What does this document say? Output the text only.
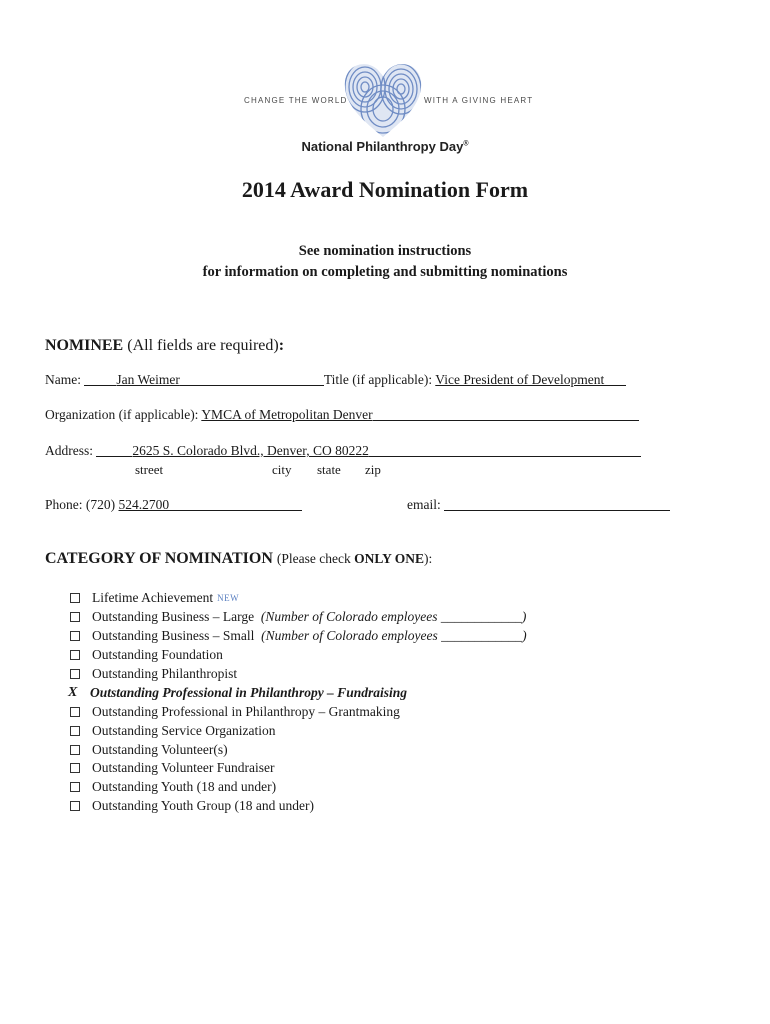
CHANGE THE WORLD	WITH A GIVING HEART
National Philanthropy Day®
2014 Award Nomination Form
See nomination instructions
for information on completing and submitting nominations
NOMINEE (All fields are required):
Name:	Jan Weimer	Title (if applicable): Vice President of Development
Organization (if applicable): YMCA of Metropolitan Denver
Address:	2625 S. Colorado Blvd., Denver, CO 80222
street	city state zip
Phone: (720) 524.2700	email:
CATEGORY OF NOMINATION (Please check ONLY ONE):
Lifetime Achievement NEW
Outstanding Business – Large
(Number of Colorado employees ____________)
Outstanding Business – Small
(Number of Colorado employees ____________)
Outstanding Foundation
Outstanding Philanthropist
X Outstanding Professional in Philanthropy – Fundraising
Outstanding Professional in Philanthropy – Grantmaking
Outstanding Service Organization
Outstanding Volunteer(s)
Outstanding Volunteer Fundraiser
Outstanding Youth (18 and under)
Outstanding Youth Group (18 and under)
